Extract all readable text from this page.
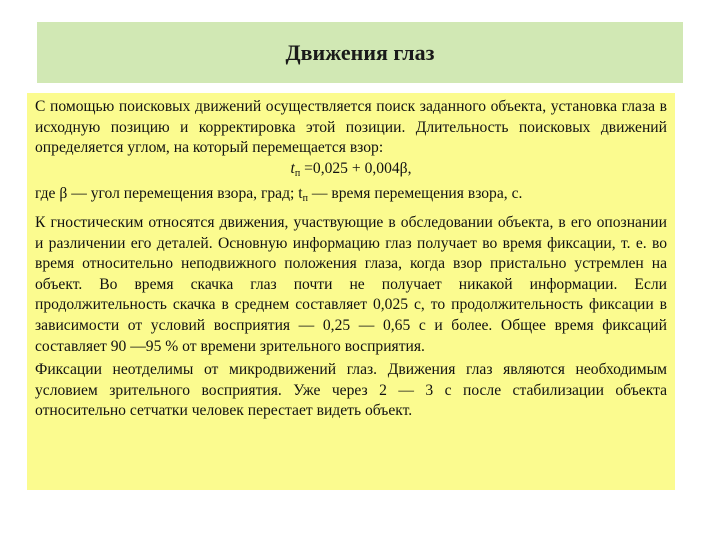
Движения глаз

С помощью поисковых движений осуществляется поиск заданного объекта, установка глаза в исходную позицию и корректировка этой позиции. Длительность поисковых движений определяется углом, на который перемещается взор:

$t_п =0,025 + 0,004\beta$,

где β — угол перемещения взора, град; $t_п$ — время перемещения взора, с.

К гностическим относятся движения, участвующие в обследовании объекта, в его опознании и различении его деталей. Основную информацию глаз получает во время фиксации, т. е. во время относительно неподвижного положения глаза, когда взор пристально устремлен на объект. Во время скачка глаз почти не получает никакой информации. Если продолжительность скачка в среднем составляет 0,025 с, то продолжительность фиксации в зависимости от условий восприятия — 0,25 — 0,65 с и более. Общее время фиксаций составляет 90 —95 % от времени зрительного восприятия.

Фиксации неотделимы от микродвижений глаз. Движения глаз являются необходимым условием зрительного восприятия. Уже через 2 — 3 с после стабилизации объекта относительно сетчатки человек перестает видеть объект.
